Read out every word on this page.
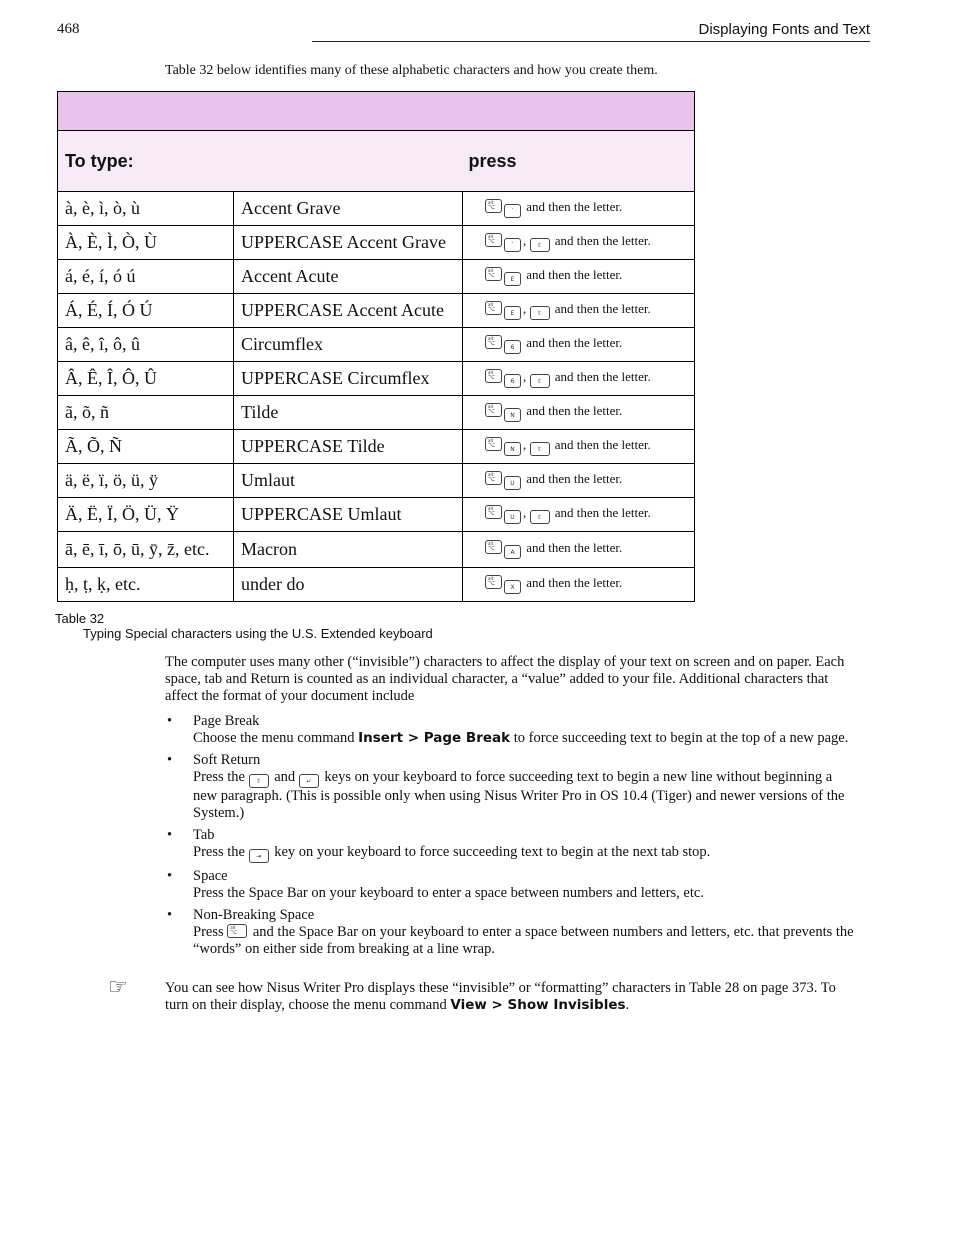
468	Displaying Fonts and Text
Table 32 below identifies many of these alphabetic characters and how you create them.

To type:		press
à, è, ì, ò, ù	Accent Grave	⌥ alt` and then the letter.
À, È, Ì, Ò, Ù	UPPERCASE Accent Grave	⌥ alt` , ⇧ and then the letter.
á, é, í, ó ú	Accent Acute	⌥ altE and then the letter.
Á, É, Í, Ó Ú	UPPERCASE Accent Acute	⌥ altE , ⇧ and then the letter.
â, ê, î, ô, û	Circumflex	⌥ alt6 and then the letter.
Â, Ê, Î, Ô, Û	UPPERCASE Circumflex	⌥ alt6 , ⇧ and then the letter.
ã, õ, ñ	Tilde	⌥ altN and then the letter.
Ã, Õ, Ñ	UPPERCASE Tilde	⌥ altN , ⇧ and then the letter.
ä, ë, ï, ö, ü, ÿ	Umlaut	⌥ altU and then the letter.
Ä, Ë, Ï, Ö, Ü, Ÿ	UPPERCASE Umlaut	⌥ altU , ⇧ and then the letter.
ā, ē, ī, ō, ū, ȳ, z̄, etc.	Macron	⌥ altA and then the letter.
ḥ, ṭ, ḳ, etc.	under do	⌥ altX and then the letter.
Table 32
Typing Special characters using the U.S. Extended keyboard
The computer uses many other (“invisible”) characters to affect the display of your text on screen and on paper. Each space, tab and Return is counted as an individual character, a “value” added to your file. Additional characters that affect the format of your document include
• Page Break
Choose the menu command Insert > Page Break to force succeeding text to begin at the top of a new page.
• Soft Return
Press the ⇧ and ↵ keys on your keyboard to force succeeding text to begin a new line without beginning a new paragraph. (This is possible only when using Nisus Writer Pro in OS 10.4 (Tiger) and newer versions of the System.)
• Tab
Press the ⇥ key on your keyboard to force succeeding text to begin at the next tab stop.
• Space
Press the Space Bar on your keyboard to enter a space between numbers and letters, etc.
• Non-Breaking Space
Press ⌥ alt and the Space Bar on your keyboard to enter a space between numbers and letters, etc. that prevents the “words” on either side from breaking at a line wrap.
☞	You can see how Nisus Writer Pro displays these “invisible” or “formatting” characters in Table 28 on page 373. To turn on their display, choose the menu command View > Show Invisibles.
